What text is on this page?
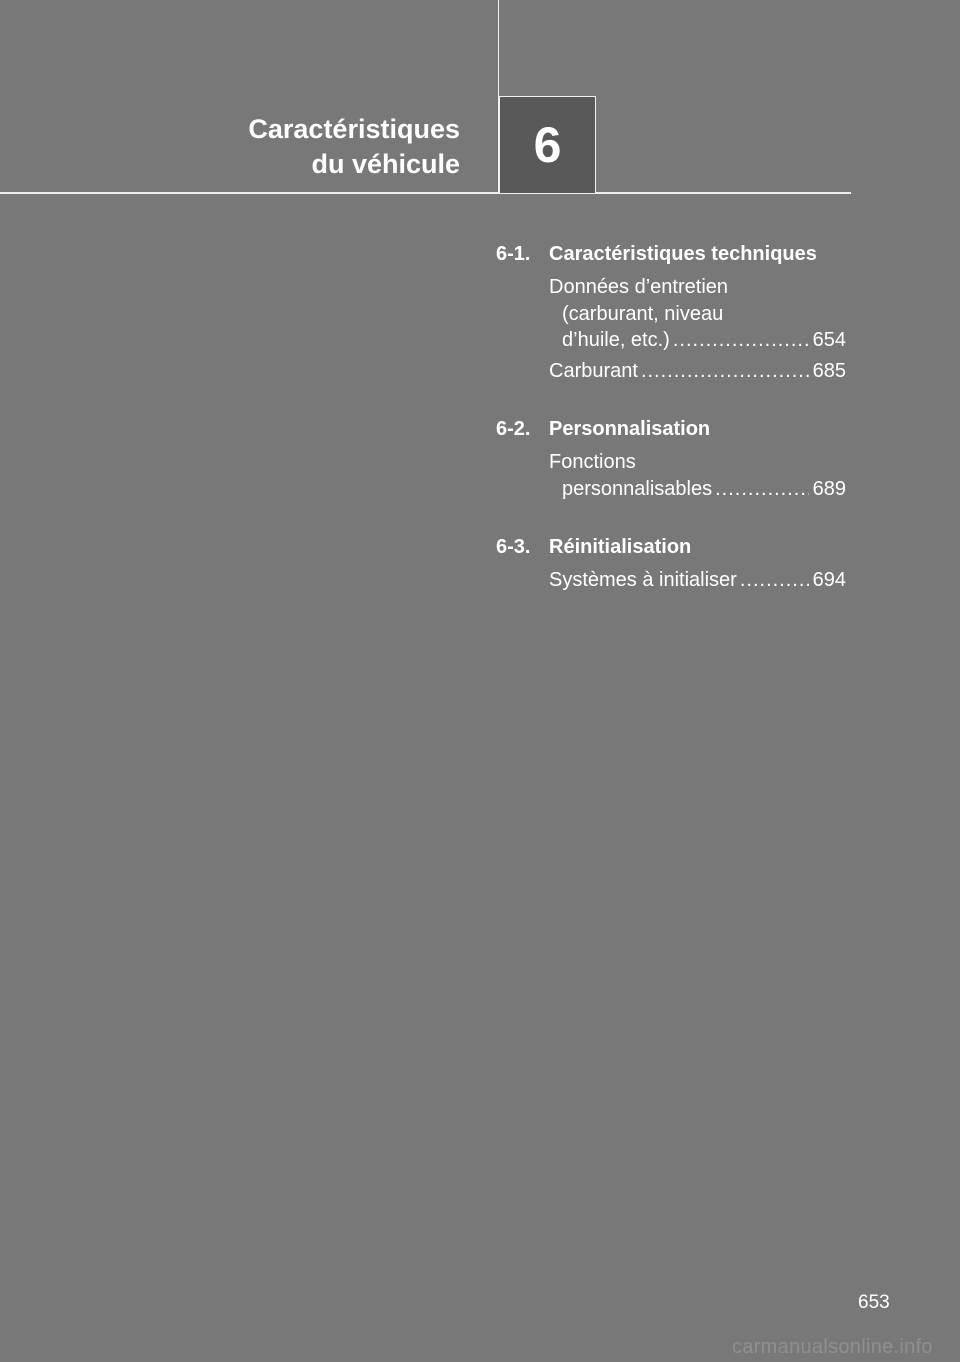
Caractéristiques
du véhicule 6
6-1. Caractéristiques techniques
Données d’entretien
(carburant, niveau
d’huile, etc.) .....	654
Carburant .....	685
6-2. Personnalisation
Fonctions
personnalisables .....	689
6-3. Réinitialisation
Systèmes à initialiser .....	694
653
carmanualsonline.info
